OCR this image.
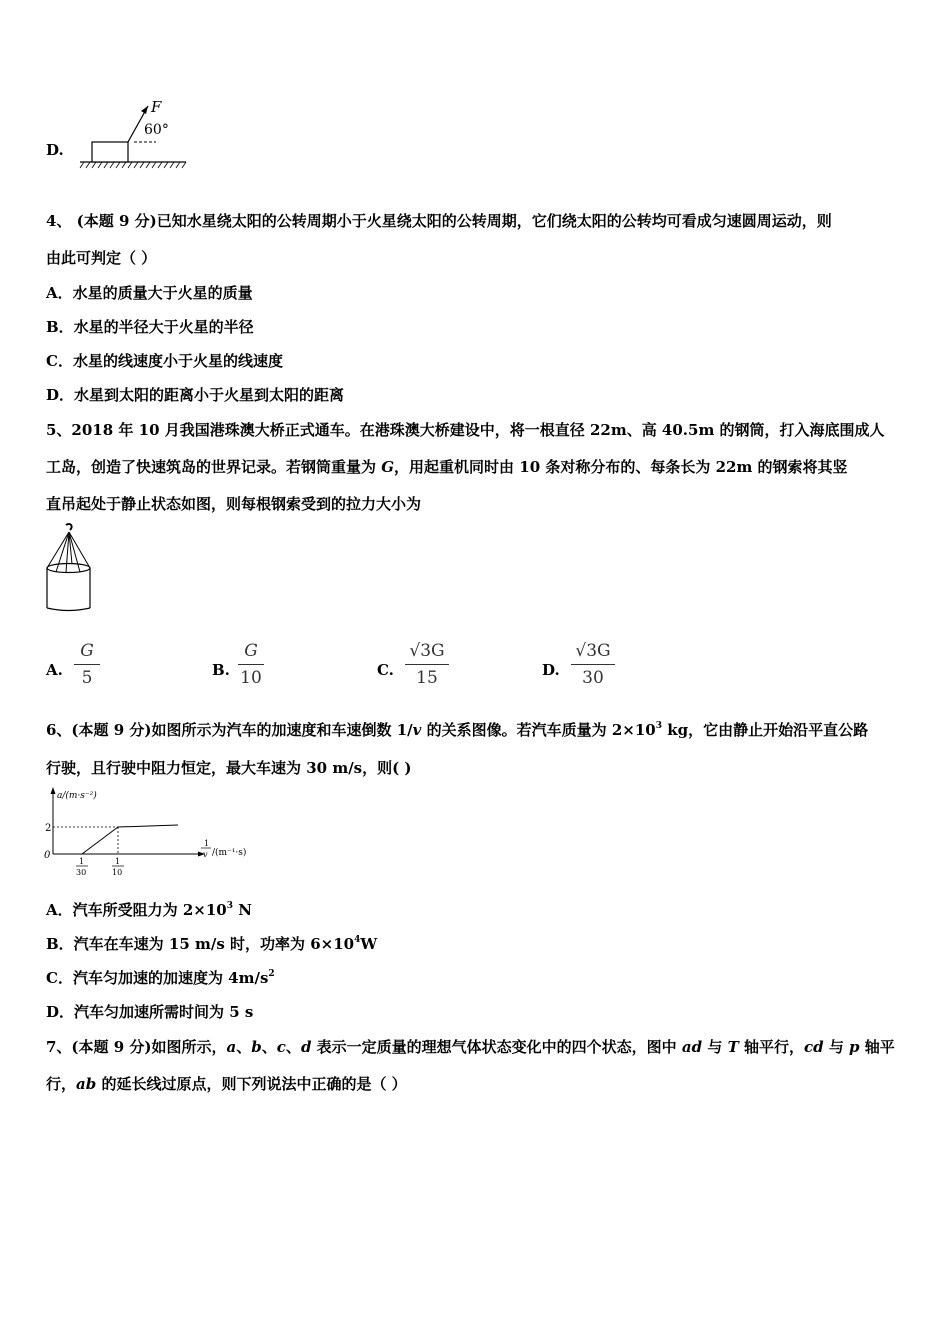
D.
F
60°
4、 (本题 9 分)已知水星绕太阳的公转周期小于火星绕太阳的公转周期，它们绕太阳的公转均可看成匀速圆周运动，则
由此可判定（ ）
A．水星的质量大于火星的质量
B．水星的半径大于火星的半径
C．水星的线速度小于火星的线速度
D．水星到太阳的距离小于火星到太阳的距离
5、2018 年 10 月我国港珠澳大桥正式通车。在港珠澳大桥建设中，将一根直径 22m、高 40.5m 的钢筒，打入海底围成人
工岛，创造了快速筑岛的世界记录。若钢筒重量为 G，用起重机同时由 10 条对称分布的、每条长为 22m 的钢索将其竖
直吊起处于静止状态如图，则每根钢索受到的拉力大小为
A.
G
5	B.
G
10	C.
√3G
15	D.
√3G
30
6、(本题 9 分)如图所示为汽车的加速度和车速倒数 1/v 的关系图像。若汽车质量为 $2\times 10^3$ kg，它由静止开始沿平直公路
行驶，且行驶中阻力恒定，最大车速为 30 m/s，则( )
a/(m·s⁻²)
2
0
1
30
1
10
1
v /(m⁻¹·s)
A．汽车所受阻力为 $2\times 10^3$ N
B．汽车在车速为 15 m/s 时，功率为 $6\times 10^4W$
C．汽车匀加速的加速度为 $4m/s^2$
D．汽车匀加速所需时间为 5 s
7、(本题 9 分)如图所示，a、b、c、d 表示一定质量的理想气体状态变化中的四个状态，图中 ad 与 T 轴平行，cd 与 p 轴平
行，ab 的延长线过原点，则下列说法中正确的是（ ）
